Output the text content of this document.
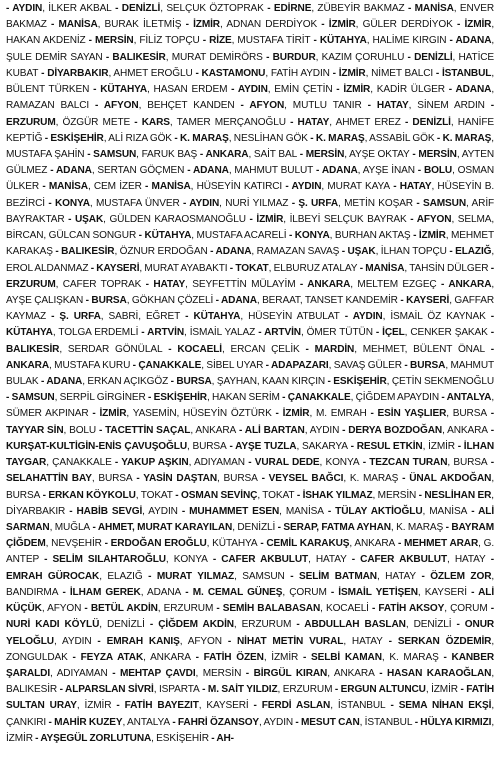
- AYDIN, İLKER AKBAL - DENİZLİ, SELÇUK ÖZTOPRAK - EDİRNE, ZÜBEYİR BAKMAZ - MANİSA, ENVER BAKMAZ - MANİSA, BURAK İLETMİŞ - İZMİR, ADNAN DERDİYOK - İZMİR, GÜLER DERDİYOK - İZMİR, HAKAN AKDENİZ - MERSİN, FİLİZ TOPÇU - RİZE, MUSTAFA TİRİT - KÜTAHYA, HALİME KIRGIN - ADANA, ŞULE DEMİR SAYAN - BALIKESİR, MURAT DEMİRÖRS - BURDUR, KAZIM ÇORUHLU - DENİZLİ, HATİCE KUBAT - DİYARBAKIR, AHMET EROĞLU - KASTAMONU, FATİH AYDIN - İZMİR, NİMET BALCI - İSTANBUL, BÜLENT TÜRKEN - KÜTAHYA, HASAN ERDEM - AYDIN, EMİN ÇETİN - İZMİR, KADİR ÜLGER - ADANA, RAMAZAN BALCI - AFYON, BEHÇET KANDEN - AFYON, MUTLU TANIR - HATAY, SİNEM ARDIN - ERZURUM, ÖZGÜR METE - KARS, TAMER MERÇANOĞLU - HATAY, AHMET EREZ - DENİZLİ, HANİFE KEPTİĞ - ESKİŞEHİR, ALİ RIZA GÖK - K. MARAŞ, NESLİHAN GÖK - K. MARAŞ, ASSABİL GÖK - K. MARAŞ, MUSTAFA ŞAHİN - SAMSUN, FARUK BAŞ - ANKARA, SAİT BAL - MERSİN, AYŞE OKTAY - MERSİN, AYTEN GÜLMEZ - ADANA, SERTAN GÖÇMEN - ADANA, MAHMUT BULUT - ADANA, AYŞE İNAN - BOLU, OSMAN ÜLKER - MANİSA, CEM İZER - MANİSA, HÜSEYİN KATIRCI - AYDIN, MURAT KAYA - HATAY, HÜSEYİN B. BEZİRCİ - KONYA, MUSTAFA ÜNVER - AYDIN, NURİ YILMAZ - Ş. URFA, METİN KOŞAR - SAMSUN, ARİF BAYRAKTAR - UŞAK, GÜLDEN KARAOSMANOĞLU - İZMİR, İLBEYİ SELÇUK BAYRAK - AFYON, SELMA, BİRCAN, GÜLCAN SONGUR - KÜTAHYA, MUSTAFA ACARELİ - KONYA, BURHAN AKTAŞ - İZMİR, MEHMET KARAKAŞ - BALIKESİR, ÖZNUR ERDOĞAN - ADANA, RAMAZAN SAVAŞ - UŞAK, İLHAN TOPÇU - ELAZIĞ, EROL ALDANMAZ - KAYSERİ, MURAT AYABAKTI - TOKAT, ELBURUZ ATALAY - MANİSA, TAHSİN DÜLGER - ERZURUM, CAFER TOPRAK - HATAY, SEYFETTİN MÜLAYİM - ANKARA, MELTEM EZGEÇ - ANKARA, AYŞE ÇALIŞKAN - BURSA, GÖKHAN ÇÖZELİ - ADANA, BERAAT, TANSET KANDEMİR - KAYSERİ, GAFFAR KAYMAZ - Ş. URFA, SABRİ, EĞRET - KÜTAHYA, HÜSEYİN ATBULAT - AYDIN, İSMAİL ÖZ KAYNAK - KÜTAHYA, TOLGA ERDEMLİ - ARTVİN, İSMAİL YALAZ - ARTVİN, ÖMER TÜTÜN - İÇEL, CENKER ŞAKAK - BALIKESİR, SERDAR GÖNÜLAL - KOCAELİ, ERCAN ÇELİK - MARDİN, MEHMET, BÜLENT ÖNAL - ANKARA, MUSTAFA KURU - ÇANAKKALE, SİBEL UYAR - ADAPAZARI, SAVAŞ GÜLER - BURSA, MAHMUT BULAK - ADANA, ERKAN AÇIKGÖZ - BURSA, ŞAYHAN, KAAN KIRÇIN - ESKİŞEHİR, ÇETİN SEKMENOĞLU - SAMSUN, SERPİL GİRGİNER - ESKİŞEHİR, HAKAN SERİM - ÇANAKKALE, ÇİĞDEM APAYDIN - ANTALYA, SÜMER AKPINAR - İZMİR, YASEMİN, HÜSEYİN ÖZTÜRK - İZMİR, M. EMRAH - ESİN YAŞLIER, BURSA - TAYYAR SİN, BOLU - TACETTİN SAÇAL, ANKARA - ALİ BARTAN, AYDIN - DERYA BOZDOĞAN, ANKARA - KURŞAT-KULTİGİN-ENİS ÇAVUŞOĞLU, BURSA - AYŞE TUZLA, SAKARYA - RESUL ETKİN, İZMİR - İLHAN TAYGAR, ÇANAKKALE - YAKUP AŞKIN, ADIYAMAN - VURAL DEDE, KONYA - TEZCAN TURAN, BURSA - SELAHATTİN BAY, BURSA - YASİN DAŞTAN, BURSA - VEYSEL BAĞCI, K. MARAŞ - ÜNAL AKDOĞAN, BURSA - ERKAN KÖYKOLU, TOKAT - OSMAN SEVİNÇ, TOKAT - İSHAK YILMAZ, MERSİN - NESLİHAN ER, DİYARBAKIR - HABİB SEVGİ, AYDIN - MUHAMMET ESEN, MANİSA - TÜLAY AKTİOĞLU, MANİSA - ALİ SARMAN, MUĞLA - AHMET, MURAT KARAYILAN, DENİZLİ - SERAP, FATMA AYHAN, K. MARAŞ - BAYRAM ÇİĞDEM, NEVŞEHİR - ERDOĞAN EROĞLU, KÜTAHYA - CEMİL KARAKUŞ, ANKARA - MEHMET ARAR, G. ANTEP - SELİM SILAHTAROĞLU, KONYA - CAFER AKBULUT, HATAY - CAFER AKBULUT, HATAY - EMRAH GÜROCAK, ELAZIĞ - MURAT YILMAZ, SAMSUN - SELİM BATMAN, HATAY - ÖZLEM ZOR, BANDIRMA - İLHAM GEREK, ADANA - M. CEMAL GÜNEŞ, ÇORUM - İSMAİL YETİŞEN, KAYSERİ - ALİ KÜÇÜK, AFYON - BETÜL AKDİN, ERZURUM - SEMİH BALABASAN, KOCAELİ - FATİH AKSOY, ÇORUM - NURİ KADI KÖYLÜ, DENİZLİ - ÇİĞDEM AKDİN, ERZURUM - ABDULLAH BASLAN, DENİZLİ - ONUR YELOĞLU, AYDIN - EMRAH KANIŞ, AFYON - NİHAT METİN VURAL, HATAY - SERKAN ÖZDEMİR, ZONGULDAK - FEYZA ATAK, ANKARA - FATİH ÖZEN, İZMİR - SELBİ KAMAN, K. MARAŞ - KANBER ŞARALDI, ADIYAMAN - MEHTAP ÇAVDI, MERSİN - BİRGÜL KIRAN, ANKARA - HASAN KARAOĞLAN, BALIKESİR - ALPARSLAN SİVRİ, ISPARTA - M. SAİT YILDIZ, ERZURUM - ERGUN ALTUNCU, İZMİR - FATİH SULTAN URAY, İZMİR - FATİH BAYEZIT, KAYSERİ - FERDİ ASLAN, İSTANBUL - SEMA NİHAN EKŞİ, ÇANKIRI - MAHİR KUZEY, ANTALYA - FAHRİ ÖZANSOY, AYDIN - MESUT CAN, İSTANBUL - HÜLYA KIRMIZI, İZMİR - AYŞEGÜL ZORLUTUNA, ESKİŞEHİR - AH-
